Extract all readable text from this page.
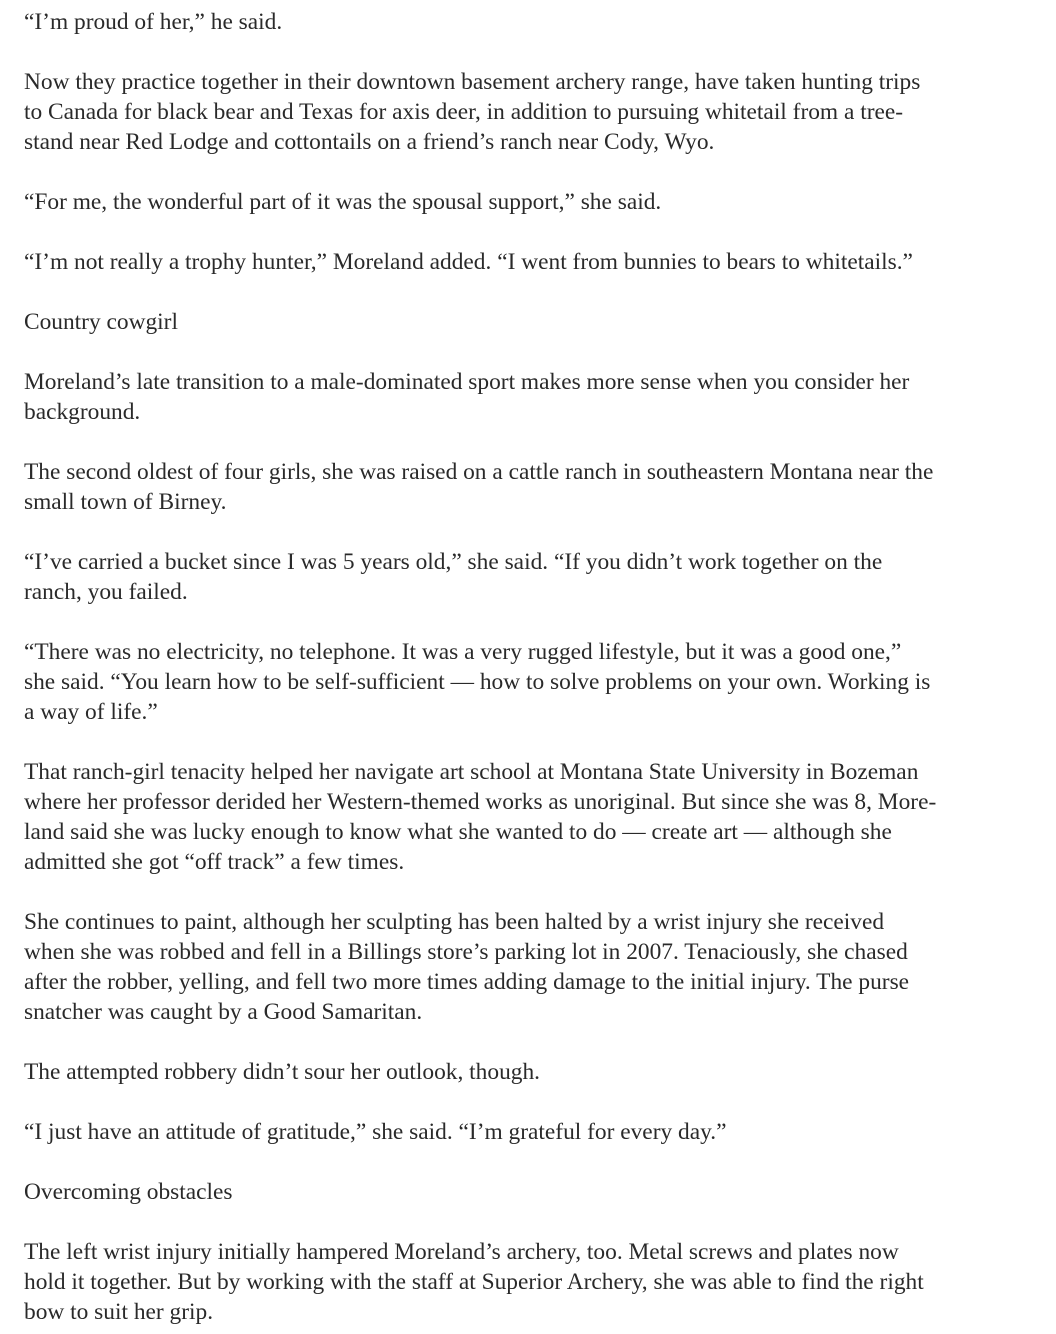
“I’m proud of her,” he said.

Now they practice together in their downtown basement archery range, have taken hunting trips
to Canada for black bear and Texas for axis deer, in addition to pursuing whitetail from a tree-
stand near Red Lodge and cottontails on a friend’s ranch near Cody, Wyo.

“For me, the wonderful part of it was the spousal support,” she said.

“I’m not really a trophy hunter,” Moreland added. “I went from bunnies to bears to whitetails.”

Country cowgirl

Moreland’s late transition to a male-dominated sport makes more sense when you consider her
background.

The second oldest of four girls, she was raised on a cattle ranch in southeastern Montana near the
small town of Birney.

“I’ve carried a bucket since I was 5 years old,” she said. “If you didn’t work together on the
ranch, you failed.

“There was no electricity, no telephone. It was a very rugged lifestyle, but it was a good one,”
she said. “You learn how to be self-sufficient — how to solve problems on your own. Working is
a way of life.”

That ranch-girl tenacity helped her navigate art school at Montana State University in Bozeman
where her professor derided her Western-themed works as unoriginal. But since she was 8, More-
land said she was lucky enough to know what she wanted to do — create art — although she
admitted she got “off track” a few times.

She continues to paint, although her sculpting has been halted by a wrist injury she received
when she was robbed and fell in a Billings store’s parking lot in 2007. Tenaciously, she chased
after the robber, yelling, and fell two more times adding damage to the initial injury. The purse
snatcher was caught by a Good Samaritan.

The attempted robbery didn’t sour her outlook, though.

“I just have an attitude of gratitude,” she said. “I’m grateful for every day.”

Overcoming obstacles

The left wrist injury initially hampered Moreland’s archery, too. Metal screws and plates now
hold it together. But by working with the staff at Superior Archery, she was able to find the right
bow to suit her grip.
